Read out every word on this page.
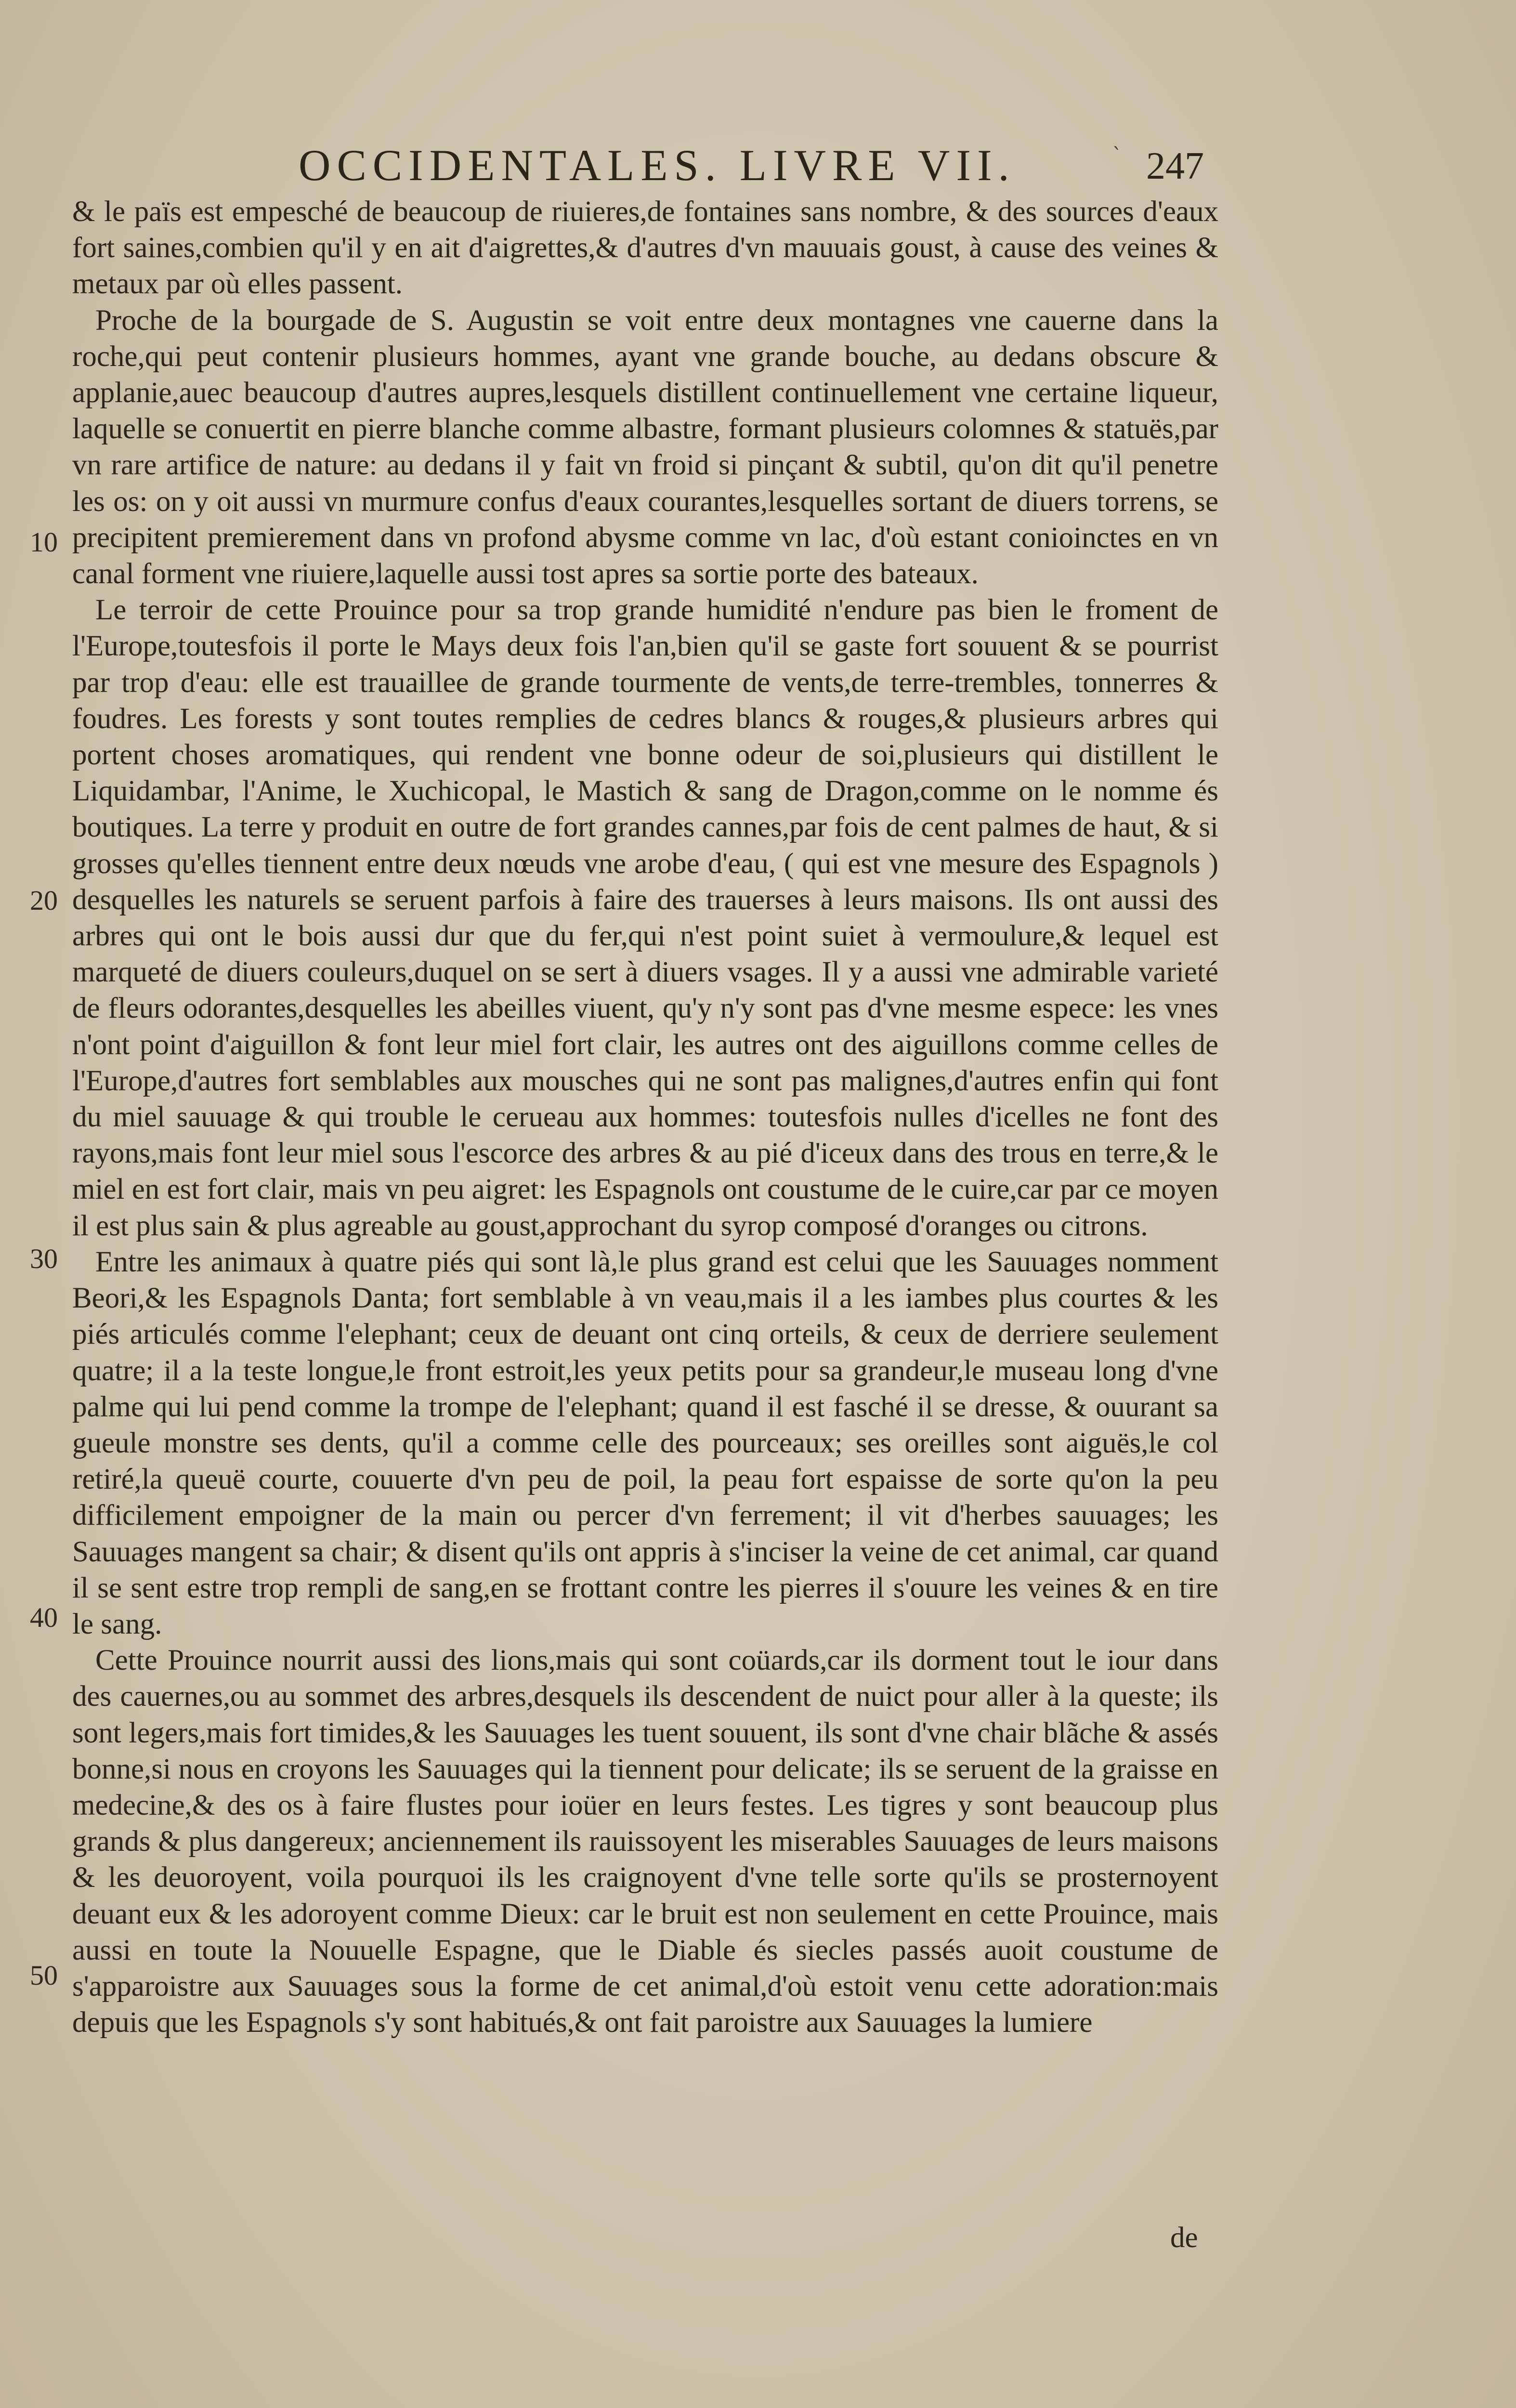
OCCIDENTALES. LIVRE VII.	247
10
20
30
40
50

& le païs est empesché de beaucoup de riuieres,de fontaines sans nombre, & des sources d'eaux fort saines,combien qu'il y en ait d'aigrettes,& d'autres d'vn mauuais goust, à cause des veines & metaux par où elles passent.

Proche de la bourgade de S. Augustin se voit entre deux montagnes vne cauerne dans la roche,qui peut contenir plusieurs hommes, ayant vne grande bouche, au dedans obscure & applanie,auec beaucoup d'autres aupres,lesquels distillent continuellement vne certaine liqueur, laquelle se conuertit en pierre blanche comme albastre, formant plusieurs colomnes & statuës,par vn rare artifice de nature: au dedans il y fait vn froid si pinçant & subtil, qu'on dit qu'il penetre les os: on y oit aussi vn murmure confus d'eaux courantes,lesquelles sortant de diuers torrens, se precipitent premierement dans vn profond abysme comme vn lac, d'où estant conioinctes en vn canal forment vne riuiere,laquelle aussi tost apres sa sortie porte des bateaux.

Le terroir de cette Prouince pour sa trop grande humidité n'endure pas bien le froment de l'Europe,toutesfois il porte le Mays deux fois l'an,bien qu'il se gaste fort souuent & se pourrist par trop d'eau: elle est trauaillee de grande tourmente de vents,de terre-trembles, tonnerres & foudres. Les forests y sont toutes remplies de cedres blancs & rouges,& plusieurs arbres qui portent choses aromatiques, qui rendent vne bonne odeur de soi,plusieurs qui distillent le Liquidambar, l'Anime, le Xuchicopal, le Mastich & sang de Dragon,comme on le nomme és boutiques. La terre y produit en outre de fort grandes cannes,par fois de cent palmes de haut, & si grosses qu'elles tiennent entre deux nœuds vne arobe d'eau, ( qui est vne mesure des Espagnols ) desquelles les naturels se seruent parfois à faire des trauerses à leurs maisons. Ils ont aussi des arbres qui ont le bois aussi dur que du fer,qui n'est point suiet à vermoulure,& lequel est marqueté de diuers couleurs,duquel on se sert à diuers vsages. Il y a aussi vne admirable varieté de fleurs odorantes,desquelles les abeilles viuent, qu'y n'y sont pas d'vne mesme espece: les vnes n'ont point d'aiguillon & font leur miel fort clair, les autres ont des aiguillons comme celles de l'Europe,d'autres fort semblables aux mousches qui ne sont pas malignes,d'autres enfin qui font du miel sauuage & qui trouble le cerueau aux hommes: toutesfois nulles d'icelles ne font des rayons,mais font leur miel sous l'escorce des arbres & au pié d'iceux dans des trous en terre,& le miel en est fort clair, mais vn peu aigret: les Espagnols ont coustume de le cuire,car par ce moyen il est plus sain & plus agreable au goust,approchant du syrop composé d'oranges ou citrons.

Entre les animaux à quatre piés qui sont là,le plus grand est celui que les Sauuages nomment Beori,& les Espagnols Danta; fort semblable à vn veau,mais il a les iambes plus courtes & les piés articulés comme l'elephant; ceux de deuant ont cinq orteils, & ceux de derriere seulement quatre; il a la teste longue,le front estroit,les yeux petits pour sa grandeur,le museau long d'vne palme qui lui pend comme la trompe de l'elephant; quand il est fasché il se dresse, & ouurant sa gueule monstre ses dents, qu'il a comme celle des pourceaux; ses oreilles sont aiguës,le col retiré,la queuë courte, couuerte d'vn peu de poil, la peau fort espaisse de sorte qu'on la peu difficilement empoigner de la main ou percer d'vn ferrement; il vit d'herbes sauuages; les Sauuages mangent sa chair; & disent qu'ils ont appris à s'inciser la veine de cet animal, car quand il se sent estre trop rempli de sang,en se frottant contre les pierres il s'ouure les veines & en tire le sang.

Cette Prouince nourrit aussi des lions,mais qui sont coüards,car ils dorment tout le iour dans des cauernes,ou au sommet des arbres,desquels ils descendent de nuict pour aller à la queste; ils sont legers,mais fort timides,& les Sauuages les tuent souuent, ils sont d'vne chair blãche & assés bonne,si nous en croyons les Sauuages qui la tiennent pour delicate; ils se seruent de la graisse en medecine,& des os à faire flustes pour ioüer en leurs festes. Les tigres y sont beaucoup plus grands & plus dangereux; anciennement ils rauissoyent les miserables Sauuages de leurs maisons & les deuoroyent, voila pourquoi ils les craignoyent d'vne telle sorte qu'ils se prosternoyent deuant eux & les adoroyent comme Dieux: car le bruit est non seulement en cette Prouince, mais aussi en toute la Nouuelle Espagne, que le Diable és siecles passés auoit coustume de s'apparoistre aux Sauuages sous la forme de cet animal,d'où estoit venu cette adoration:mais depuis que les Espagnols s'y sont habitués,& ont fait paroistre aux Sauuages la lumiere

de
ˋ
